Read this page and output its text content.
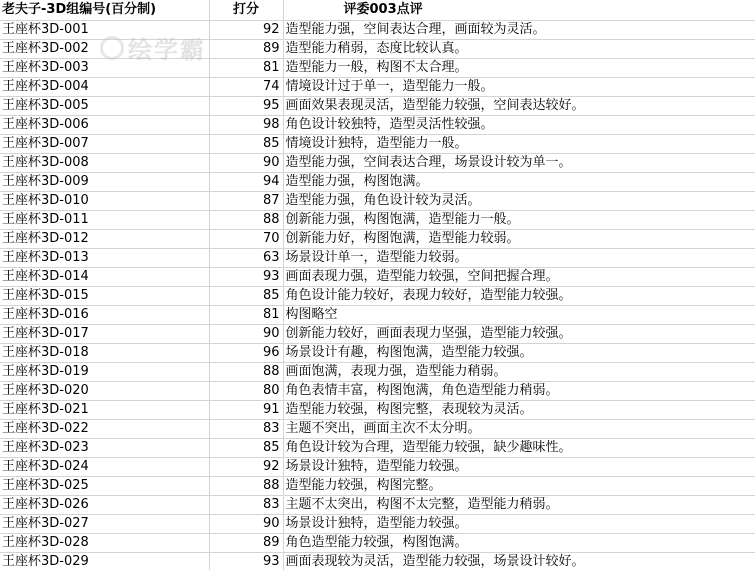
老夫子-3D组编号(百分制)	打分	评委003点评
王座杯3D-001	92	造型能力强，空间表达合理，画面较为灵活。
王座杯3D-002	89	造型能力稍弱，态度比较认真。
王座杯3D-003	81	造型能力一般，构图不太合理。
王座杯3D-004	74	情境设计过于单一，造型能力一般。
王座杯3D-005	95	画面效果表现灵活，造型能力较强，空间表达较好。
王座杯3D-006	98	角色设计较独特，造型灵活性较强。
王座杯3D-007	85	情境设计独特，造型能力一般。
王座杯3D-008	90	造型能力强，空间表达合理，场景设计较为单一。
王座杯3D-009	94	造型能力强，构图饱满。
王座杯3D-010	87	造型能力强，角色设计较为灵活。
王座杯3D-011	88	创新能力强，构图饱满，造型能力一般。
王座杯3D-012	70	创新能力好，构图饱满，造型能力较弱。
王座杯3D-013	63	场景设计单一，造型能力较弱。
王座杯3D-014	93	画面表现力强，造型能力较强，空间把握合理。
王座杯3D-015	85	角色设计能力较好，表现力较好，造型能力较强。
王座杯3D-016	81	构图略空
王座杯3D-017	90	创新能力较好，画面表现力坚强，造型能力较强。
王座杯3D-018	96	场景设计有趣，构图饱满，造型能力较强。
王座杯3D-019	88	画面饱满，表现力强，造型能力稍弱。
王座杯3D-020	80	角色表情丰富，构图饱满，角色造型能力稍弱。
王座杯3D-021	91	造型能力较强，构图完整，表现较为灵活。
王座杯3D-022	83	主题不突出，画面主次不太分明。
王座杯3D-023	85	角色设计较为合理，造型能力较强，缺少趣味性。
王座杯3D-024	92	场景设计独特，造型能力较强。
王座杯3D-025	88	造型能力较强，构图完整。
王座杯3D-026	83	主题不太突出，构图不太完整，造型能力稍弱。
王座杯3D-027	90	场景设计独特，造型能力较强。
王座杯3D-028	89	角色造型能力较强，构图饱满。
王座杯3D-029	93	画面表现较为灵活，造型能力较强，场景设计较好。
绘学霸
